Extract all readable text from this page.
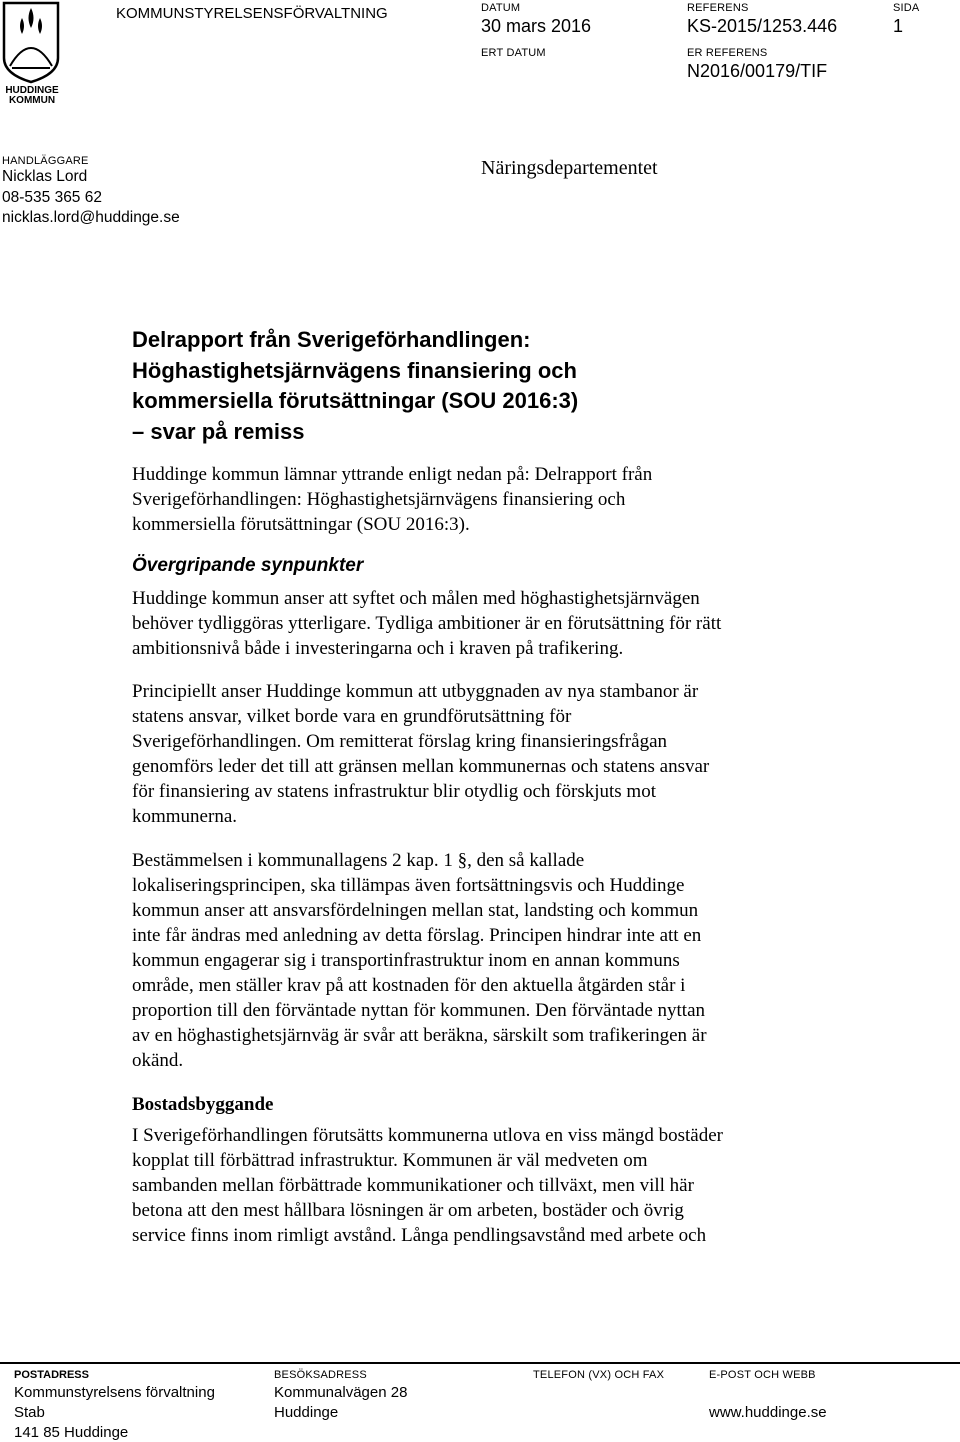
HUDDINGE
KOMMUN
KOMMUNSTYRELSENSFÖRVALTNING	DATUM
30 mars 2016
ERT DATUM
REFERENS
KS-2015/1253.446
ER REFERENS
N2016/00179/TIF
SIDA
1
HANDLÄGGARE
Nicklas Lord
08-535 365 62
nicklas.lord@huddinge.se
Näringsdepartementet
Delrapport från Sverigeförhandlingen:
Höghastighetsjärnvägens finansiering och
kommersiella förutsättningar (SOU 2016:3)
– svar på remiss

Huddinge kommun lämnar yttrande enligt nedan på: Delrapport från
Sverigeförhandlingen: Höghastighetsjärnvägens finansiering och
kommersiella förutsättningar (SOU 2016:3).

Övergripande synpunkter

Huddinge kommun anser att syftet och målen med höghastighetsjärnvägen
behöver tydliggöras ytterligare. Tydliga ambitioner är en förutsättning för rätt
ambitionsnivå både i investeringarna och i kraven på trafikering.

Principiellt anser Huddinge kommun att utbyggnaden av nya stambanor är
statens ansvar, vilket borde vara en grundförutsättning för
Sverigeförhandlingen. Om remitterat förslag kring finansieringsfrågan
genomförs leder det till att gränsen mellan kommunernas och statens ansvar
för finansiering av statens infrastruktur blir otydlig och förskjuts mot
kommunerna.

Bestämmelsen i kommunallagens 2 kap. 1 §, den så kallade
lokaliseringsprincipen, ska tillämpas även fortsättningsvis och Huddinge
kommun anser att ansvarsfördelningen mellan stat, landsting och kommun
inte får ändras med anledning av detta förslag. Principen hindrar inte att en
kommun engagerar sig i transportinfrastruktur inom en annan kommuns
område, men ställer krav på att kostnaden för den aktuella åtgärden står i
proportion till den förväntade nyttan för kommunen. Den förväntade nyttan
av en höghastighetsjärnväg är svår att beräkna, särskilt som trafikeringen är
okänd.

Bostadsbyggande

I Sverigeförhandlingen förutsätts kommunerna utlova en viss mängd bostäder
kopplat till förbättrad infrastruktur. Kommunen är väl medveten om
sambanden mellan förbättrade kommunikationer och tillväxt, men vill här
betona att den mest hållbara lösningen är om arbeten, bostäder och övrig
service finns inom rimligt avstånd. Långa pendlingsavstånd med arbete och

POSTADRESS
Kommunstyrelsens förvaltning
Stab
141 85 Huddinge
BESÖKSADRESS
Kommunalvägen 28
Huddinge
TELEFON (VX) OCH FAX	E-POST OCH WEBB
www.huddinge.se
